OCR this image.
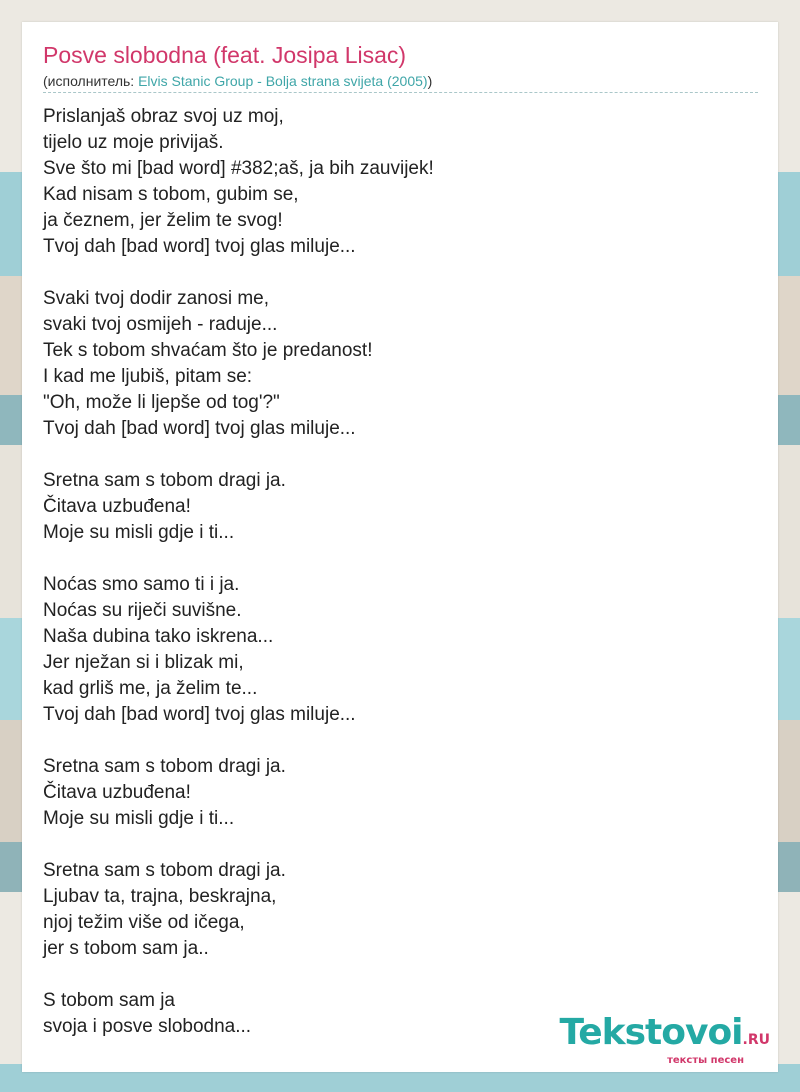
Posve slobodna (feat. Josipa Lisac)
(исполнитель: Elvis Stanic Group - Bolja strana svijeta (2005))
Prislanjaš obraz svoj uz moj,
tijelo uz moje privijaš.
Sve što mi [bad word] #382;aš, ja bih zauvijek!
Kad nisam s tobom, gubim se,
ja čeznem, jer želim te svog!
Tvoj dah [bad word] tvoj glas miluje...
Svaki tvoj dodir zanosi me,
svaki tvoj osmijeh - raduje...
Tek s tobom shvaćam što je predanost!
I kad me ljubiš, pitam se:
"Oh, može li ljepše od tog'?"
Tvoj dah [bad word] tvoj glas miluje...
Sretna sam s tobom dragi ja.
Čitava uzbuđena!
Moje su misli gdje i ti...
Noćas smo samo ti i ja.
Noćas su riječi suvišne.
Naša dubina tako iskrena...
Jer nježan si i blizak mi,
kad grliš me, ja želim te...
Tvoj dah [bad word] tvoj glas miluje...
Sretna sam s tobom dragi ja.
Čitava uzbuđena!
Moje su misli gdje i ti...
Sretna sam s tobom dragi ja.
Ljubav ta, trajna, beskrajna,
njoj težim više od ičega,
jer s tobom sam ja..
S tobom sam ja
svoja i posve slobodna...	Tekstovoi.RU
тексты песен
